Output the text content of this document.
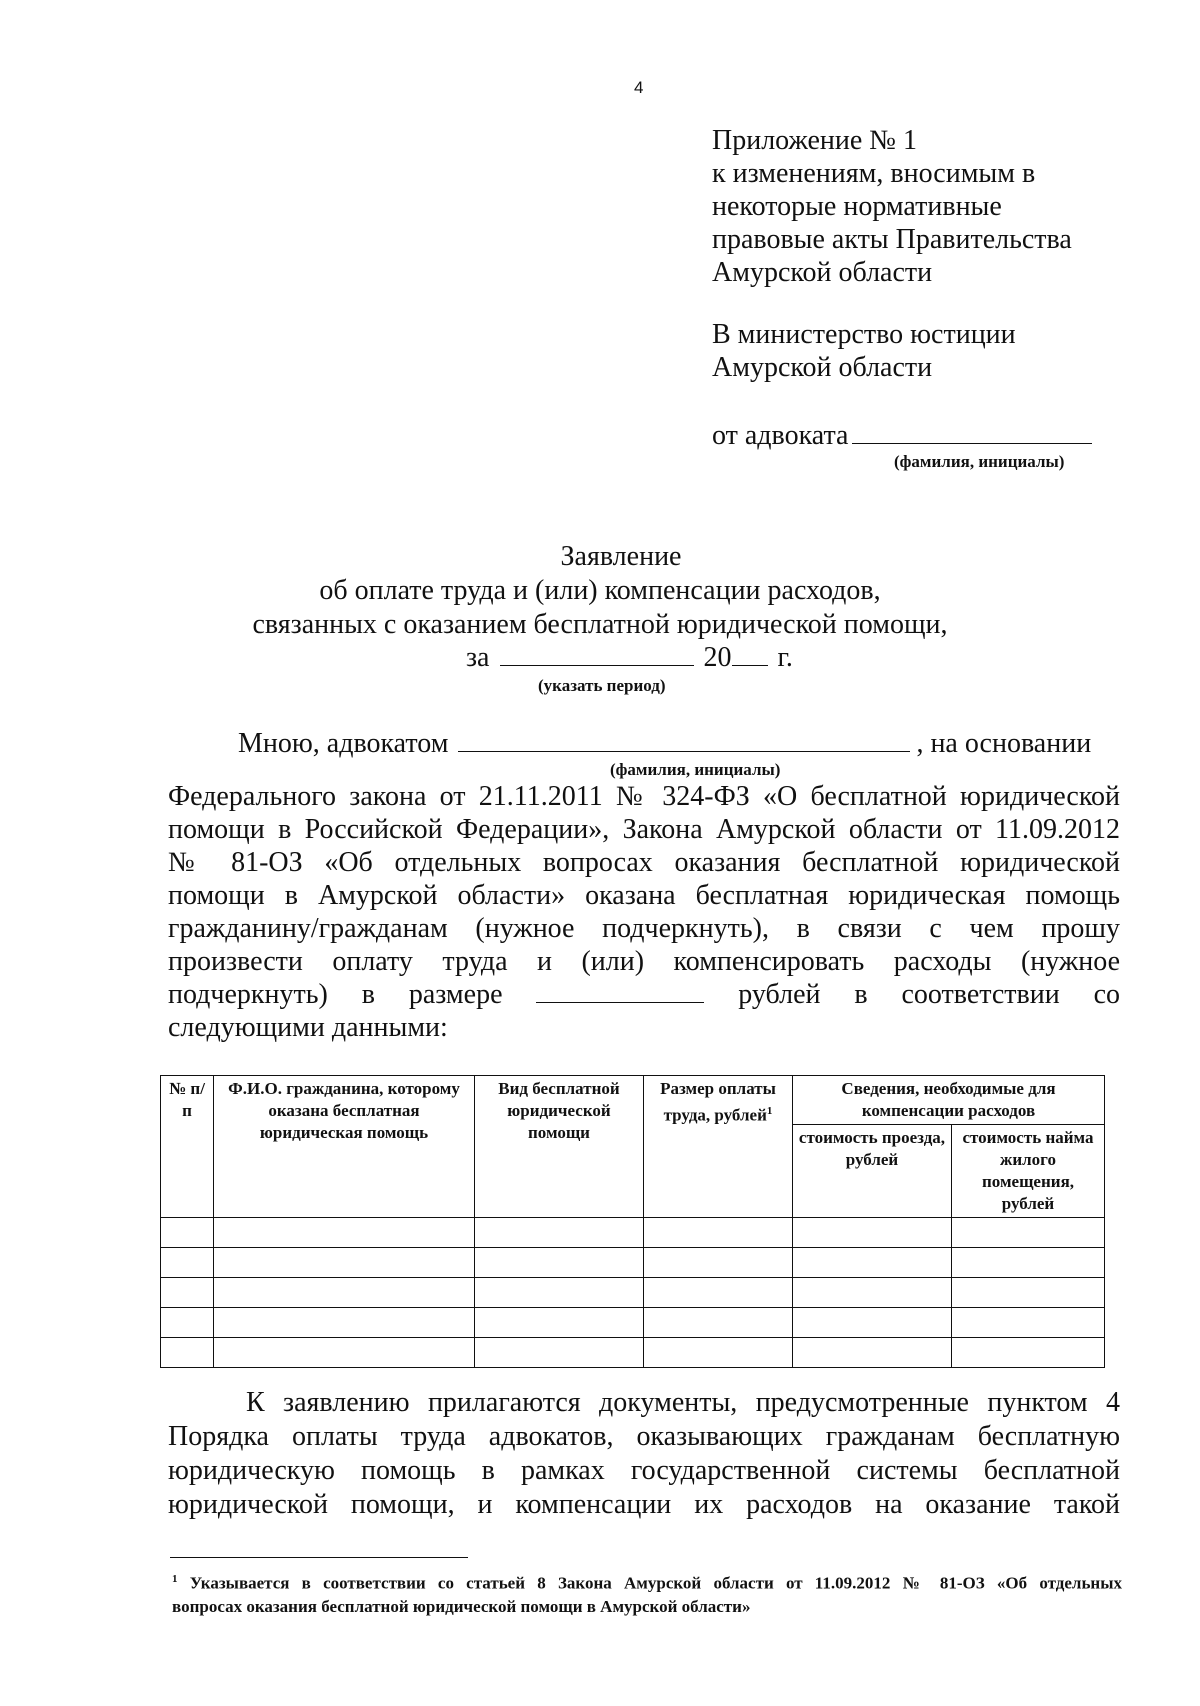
4
Приложение № 1
к изменениям, вносимым в
некоторые нормативные
правовые акты Правительства
Амурской области
В министерство юстиции
Амурской области
от адвоката
(фамилия, инициалы)
Заявление
об оплате труда и (или) компенсации расходов,
связанных с оказанием бесплатной юридической помощи,
за	20 г.
(указать период)
Мною, адвокатом	, на основании
(фамилия, инициалы)
Федерального закона от 21.11.2011 № 324-ФЗ «О бесплатной юридической
помощи в Российской Федерации», Закона Амурской области от 11.09.2012
№ 81-ОЗ «Об отдельных вопросах оказания бесплатной юридической
помощи в Амурской области» оказана бесплатная юридическая помощь
гражданину/гражданам (нужное подчеркнуть), в связи с чем прошу
произвести оплату труда и (или) компенсировать расходы (нужное
подчеркнуть) в размере	рублей в соответствии со
следующими данными:
№ п/п	Ф.И.О. гражданина, которому оказана бесплатная юридическая помощь	Вид бесплатной юридической помощи	Размер оплаты труда, рублей$^1$	Сведения, необходимые для компенсации расходов	
				стоимость проезда, рублей	стоимость найма жилого помещения, рублей

К заявлению прилагаются документы, предусмотренные пунктом 4
Порядка оплаты труда адвокатов, оказывающих гражданам бесплатную
юридическую помощь в рамках государственной системы бесплатной
юридической помощи, и компенсации их расходов на оказание такой
$^1$ Указывается в соответствии со статьей 8 Закона Амурской области от 11.09.2012 № 81-ОЗ «Об отдельных
вопросах оказания бесплатной юридической помощи в Амурской области»
